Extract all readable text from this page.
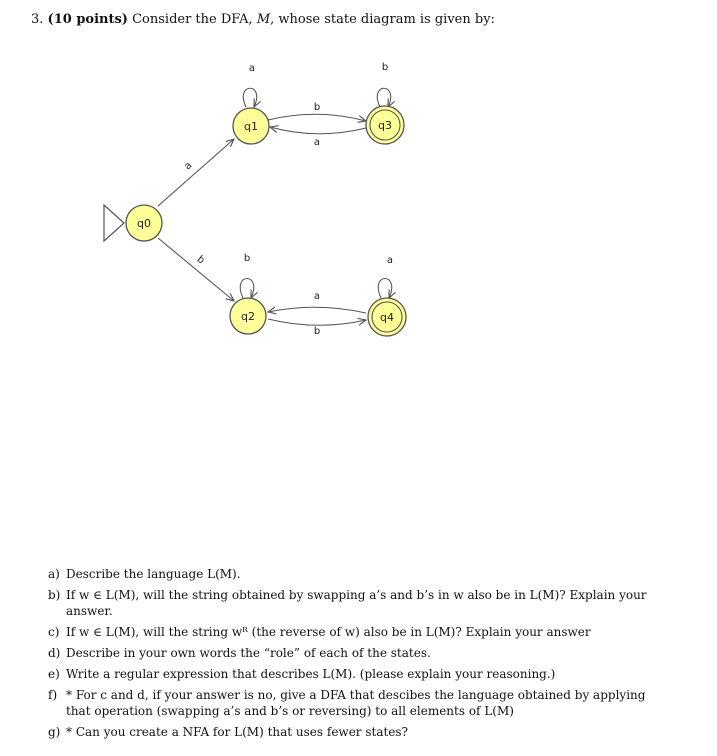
3. (10 points) Consider the DFA, M, whose state diagram is given by:
q0
q1
q2
q3
q4
a
b
a
b
a
b
b
a
b
a
a) Describe the language L(M).
b) If w ∈ L(M), will the string obtained by swapping a’s and b’s in w also be in L(M)? Explain your answer.
c) If w ∈ L(M), will the string wᴿ (the reverse of w) also be in L(M)? Explain your answer
d) Describe in your own words the “role” of each of the states.
e) Write a regular expression that describes L(M). (please explain your reasoning.)
f) * For c and d, if your answer is no, give a DFA that descibes the language obtained by applying that operation (swapping a’s and b’s or reversing) to all elements of L(M)
g) * Can you create a NFA for L(M) that uses fewer states?
